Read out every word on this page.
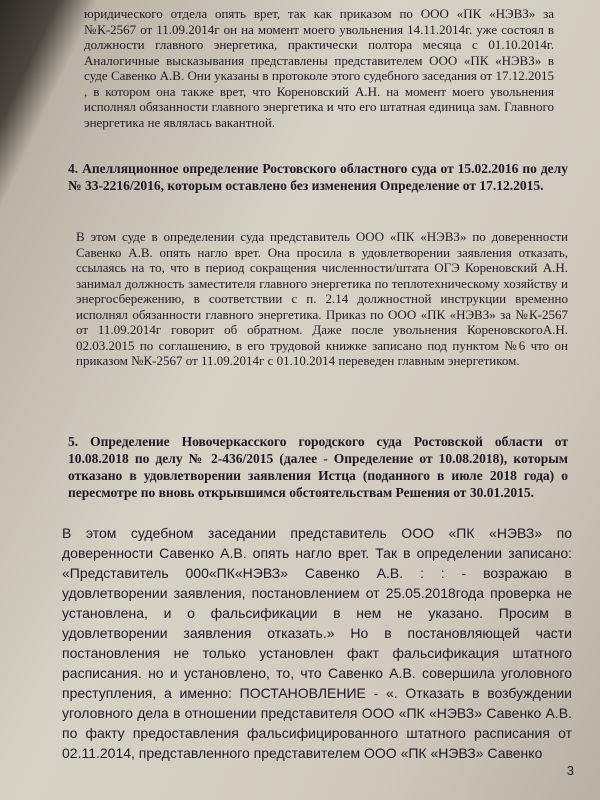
юридического отдела опять врет, так как приказом по ООО «ПК «НЭВЗ» за №К-2567 от 11.09.2014г он на момент моего увольнения 14.11.2014г. уже состоял в должности главного энергетика, практически полтора месяца с 01.10.2014г. Аналогичные высказывания представлены представителем ООО «ПК «НЭВЗ» в суде Савенко А.В. Они указаны в протоколе этого судебного заседания от 17.12.2015 , в котором она также врет, что Кореновский А.Н. на момент моего увольнения исполнял обязанности главного энергетика и что его штатная единица зам. Главного энергетика не являлась вакантной.

4. Апелляционное определение Ростовского областного суда от 15.02.2016 по делу № 33-2216/2016, которым оставлено без изменения Определение от 17.12.2015.

В этом суде в определении суда представитель ООО «ПК «НЭВЗ» по доверенности Савенко А.В. опять нагло врет. Она просила в удовлетворении заявления отказать, ссылаясь на то, что в период сокращения численности/штата ОГЭ Кореновский А.Н. занимал должность заместителя главного энергетика по теплотехническому хозяйству и энергосбережению, в соответствии с п. 2.14 должностной инструкции временно исполнял обязанности главного энергетика. Приказ по ООО «ПК «НЭВЗ» за №К-2567 от 11.09.2014г говорит об обратном. Даже после увольнения КореновскогоА.Н. 02.03.2015 по соглашению, в его трудовой книжке записано под пунктом №6 что он приказом №К-2567 от 11.09.2014г с 01.10.2014 переведен главным энергетиком.

5. Определение Новочеркасского городского суда Ростовской области от 10.08.2018 по делу № 2-436/2015 (далее - Определение от 10.08.2018), которым отказано в удовлетворении заявления Истца (поданного в июле 2018 года) о пересмотре по вновь открывшимся обстоятельствам Решения от 30.01.2015.

В этом судебном заседании представитель ООО «ПК «НЭВЗ» по доверенности Савенко А.В. опять нагло врет. Так в определении записано: «Представитель 000«ПК«НЭВЗ» Савенко А.В. : : - возражаю в удовлетворении заявления, постановлением от 25.05.2018года проверка не установлена, и о фальсификации в нем не указано. Просим в удовлетворении заявления отказать.» Но в постановляющей части постановления не только установлен факт фальсификация штатного расписания. но и установлено, то, что Савенко А.В. совершила уголовного преступления, а именно: ПОСТАНОВЛЕНИЕ - «. Отказать в возбуждении уголовного дела в отношении представителя ООО «ПК «НЭВЗ» Савенко А.В. по факту предоставления фальсифицированного штатного расписания от 02.11.2014, представленного представителем ООО «ПК «НЭВЗ» Савенко

3
